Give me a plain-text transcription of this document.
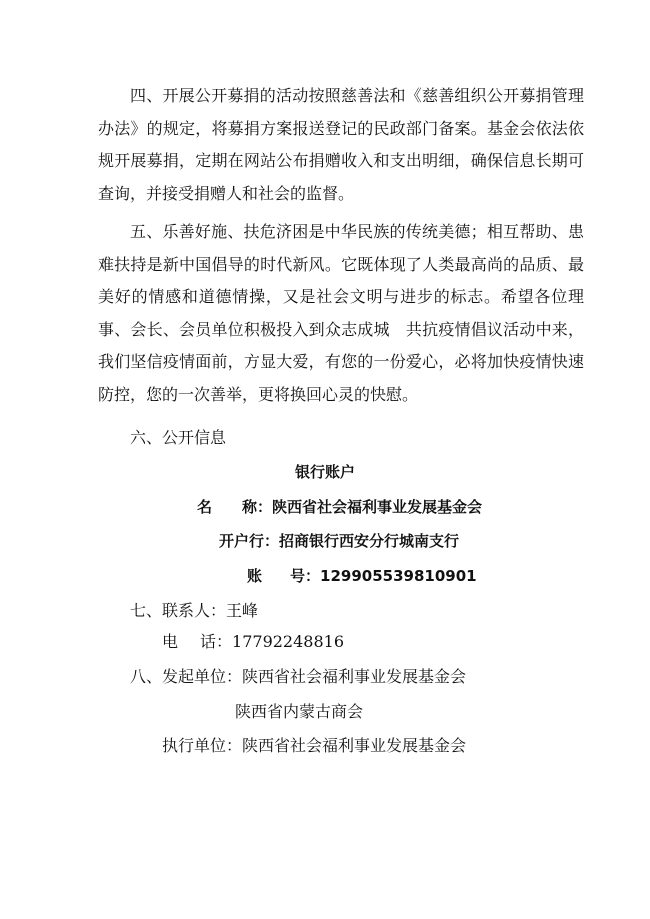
四、开展公开募捐的活动按照慈善法和《慈善组织公开募捐管理办法》的规定，将募捐方案报送登记的民政部门备案。基金会依法依规开展募捐，定期在网站公布捐赠收入和支出明细，确保信息长期可查询，并接受捐赠人和社会的监督。

五、乐善好施、扶危济困是中华民族的传统美德；相互帮助、患难扶持是新中国倡导的时代新风。它既体现了人类最高尚的品质、最美好的情感和道德情操，又是社会文明与进步的标志。希望各位理事、会长、会员单位积极投入到众志成城　共抗疫情倡议活动中来，我们坚信疫情面前，方显大爱，有您的一份爱心，必将加快疫情快速防控，您的一次善举，更将换回心灵的快慰。

六、公开信息

银行账户

名 称：陕西省社会福利事业发展基金会

开户行：招商银行西安分行城南支行

账 号：129905539810901

七、联系人：王峰

电 话：17792248816

八、发起单位：陕西省社会福利事业发展基金会

陕西省内蒙古商会

执行单位：陕西省社会福利事业发展基金会
